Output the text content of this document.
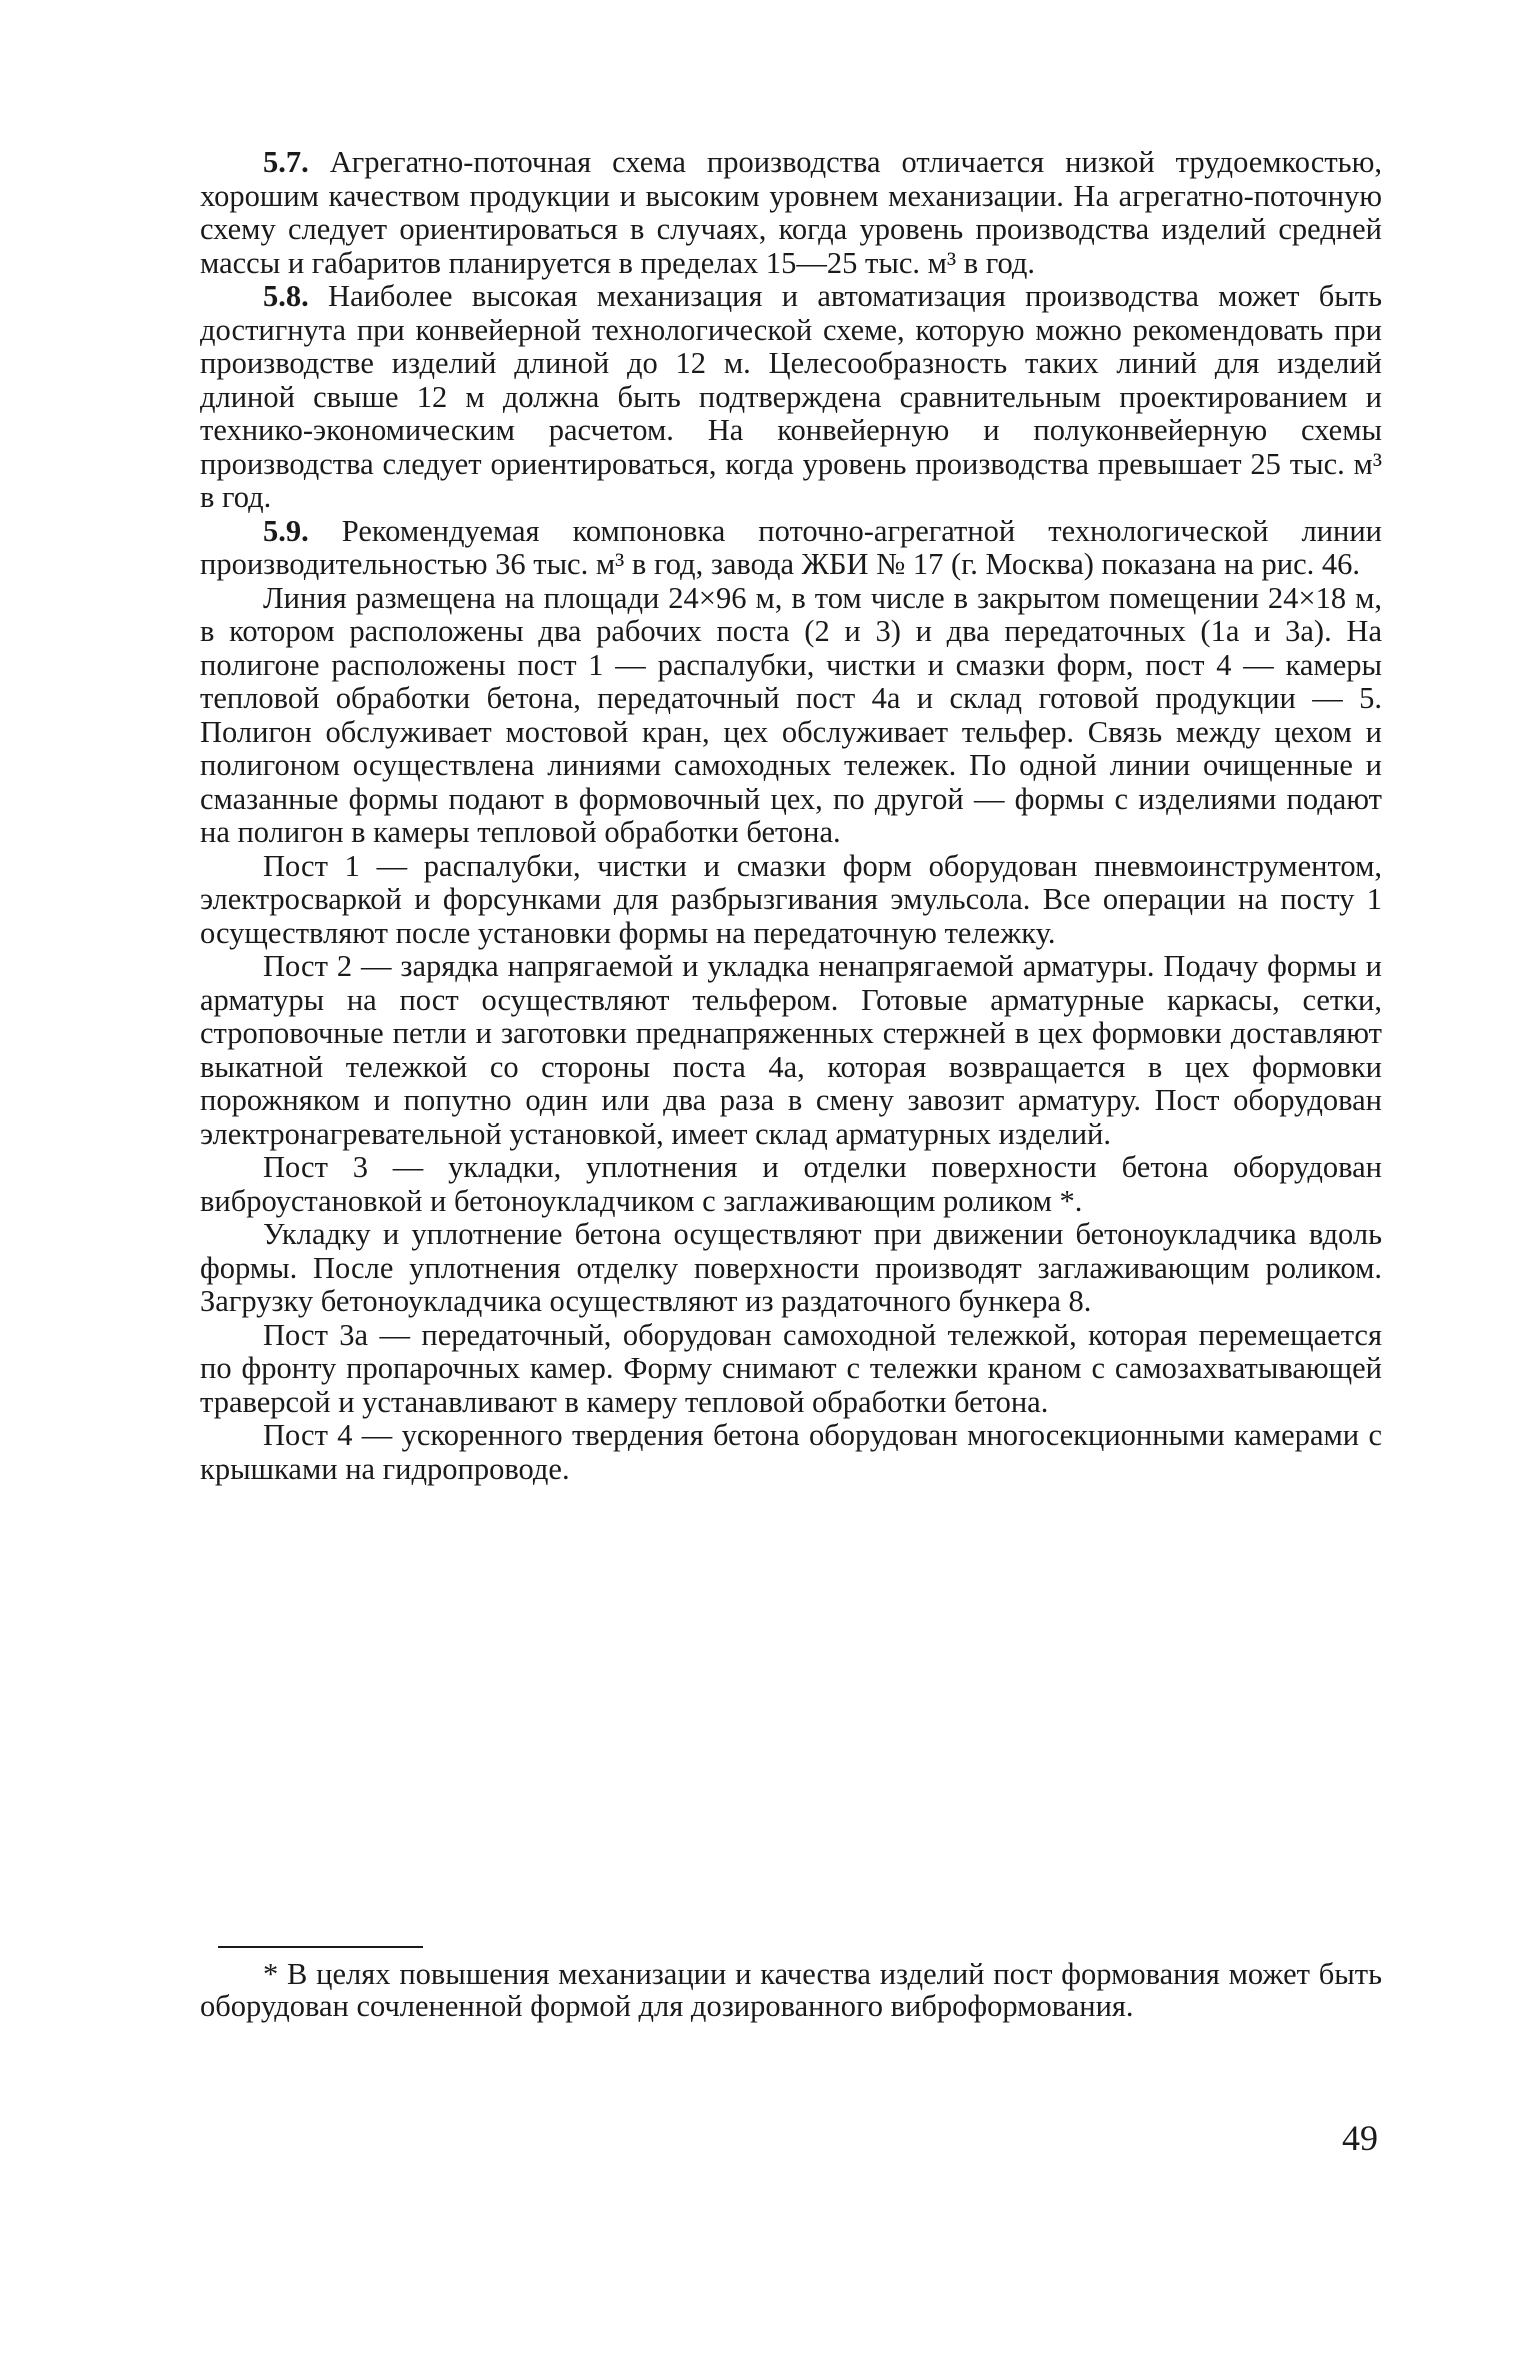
5.7. Агрегатно-поточная схема производства отличается низкой трудоемкостью, хорошим качеством продукции и высоким уровнем механизации. На агрегатно-поточную схему следует ориентироваться в случаях, когда уровень производства изделий средней массы и габаритов планируется в пределах 15—25 тыс. м³ в год.

5.8. Наиболее высокая механизация и автоматизация производства может быть достигнута при конвейерной технологической схеме, которую можно рекомендовать при производстве изделий длиной до 12 м. Целесообразность таких линий для изделий длиной свыше 12 м должна быть подтверждена сравнительным проектированием и технико-экономическим расчетом. На конвейерную и полуконвейерную схемы производства следует ориентироваться, когда уровень производства превышает 25 тыс. м³ в год.

5.9. Рекомендуемая компоновка поточно-агрегатной технологической линии производительностью 36 тыс. м³ в год, завода ЖБИ № 17 (г. Москва) показана на рис. 46.

Линия размещена на площади 24×96 м, в том числе в закрытом помещении 24×18 м, в котором расположены два рабочих поста (2 и 3) и два передаточных (1а и 3а). На полигоне расположены пост 1 — распалубки, чистки и смазки форм, пост 4 — камеры тепловой обработки бетона, передаточный пост 4а и склад готовой продукции — 5. Полигон обслуживает мостовой кран, цех обслуживает тельфер. Связь между цехом и полигоном осуществлена линиями самоходных тележек. По одной линии очищенные и смазанные формы подают в формовочный цех, по другой — формы с изделиями подают на полигон в камеры тепловой обработки бетона.

Пост 1 — распалубки, чистки и смазки форм оборудован пневмоинструментом, электросваркой и форсунками для разбрызгивания эмульсола. Все операции на посту 1 осуществляют после установки формы на передаточную тележку.

Пост 2 — зарядка напрягаемой и укладка ненапрягаемой арматуры. Подачу формы и арматуры на пост осуществляют тельфером. Готовые арматурные каркасы, сетки, строповочные петли и заготовки преднапряженных стержней в цех формовки доставляют выкатной тележкой со стороны поста 4а, которая возвращается в цех формовки порожняком и попутно один или два раза в смену завозит арматуру. Пост оборудован электронагревательной установкой, имеет склад арматурных изделий.

Пост 3 — укладки, уплотнения и отделки поверхности бетона оборудован виброустановкой и бетоноукладчиком с заглаживающим роликом *.

Укладку и уплотнение бетона осуществляют при движении бетоноукладчика вдоль формы. После уплотнения отделку поверхности производят заглаживающим роликом. Загрузку бетоноукладчика осуществляют из раздаточного бункера 8.

Пост 3а — передаточный, оборудован самоходной тележкой, которая перемещается по фронту пропарочных камер. Форму снимают с тележки краном с самозахватывающей траверсой и устанавливают в камеру тепловой обработки бетона.

Пост 4 — ускоренного твердения бетона оборудован многосекционными камерами с крышками на гидропроводе.

* В целях повышения механизации и качества изделий пост формования может быть оборудован сочлененной формой для дозированного виброформования.

49
